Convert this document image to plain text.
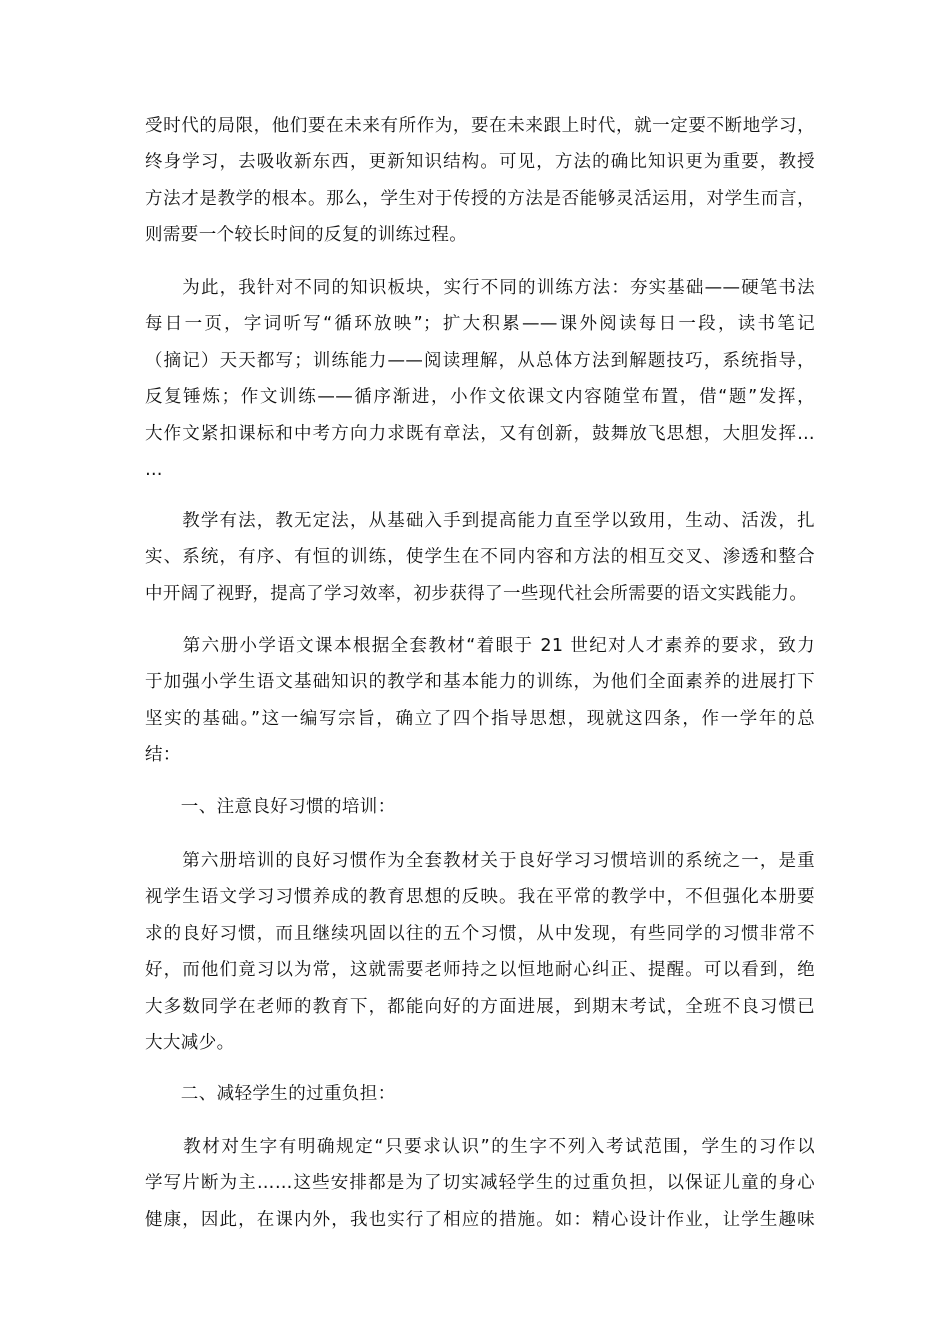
受时代的局限，他们要在未来有所作为，要在未来跟上时代，就一定要不断地学习，
终身学习，去吸收新东西，更新知识结构。可见，方法的确比知识更为重要，教授
方法才是教学的根本。那么，学生对于传授的方法是否能够灵活运用，对学生而言，
则需要一个较长时间的反复的训练过程。
　　为此，我针对不同的知识板块，实行不同的训练方法：夯实基础——硬笔书法
每日一页，字词听写“循环放映”；扩大积累——课外阅读每日一段，读书笔记
（摘记）天天都写；训练能力——阅读理解，从总体方法到解题技巧，系统指导，
反复锤炼；作文训练——循序渐进，小作文依课文内容随堂布置，借“题”发挥，
大作文紧扣课标和中考方向力求既有章法，又有创新，鼓舞放飞思想，大胆发挥…
…
　　教学有法，教无定法，从基础入手到提高能力直至学以致用，生动、活泼，扎
实、系统，有序、有恒的训练，使学生在不同内容和方法的相互交叉、渗透和整合
中开阔了视野，提高了学习效率，初步获得了一些现代社会所需要的语文实践能力。
　　第六册小学语文课本根据全套教材“着眼于 21 世纪对人才素养的要求，致力
于加强小学生语文基础知识的教学和基本能力的训练，为他们全面素养的进展打下
坚实的基础。”这一编写宗旨，确立了四个指导思想，现就这四条，作一学年的总
结：
　　一、注意良好习惯的培训：
　　第六册培训的良好习惯作为全套教材关于良好学习习惯培训的系统之一，是重
视学生语文学习习惯养成的教育思想的反映。我在平常的教学中，不但强化本册要
求的良好习惯，而且继续巩固以往的五个习惯，从中发现，有些同学的习惯非常不
好，而他们竟习以为常，这就需要老师持之以恒地耐心纠正、提醒。可以看到，绝
大多数同学在老师的教育下，都能向好的方面进展，到期末考试，全班不良习惯已
大大减少。
　　二、减轻学生的过重负担：
　　教材对生字有明确规定“只要求认识”的生字不列入考试范围，学生的习作以
学写片断为主……这些安排都是为了切实减轻学生的过重负担，以保证儿童的身心
健康，因此，在课内外，我也实行了相应的措施。如：精心设计作业，让学生趣味
